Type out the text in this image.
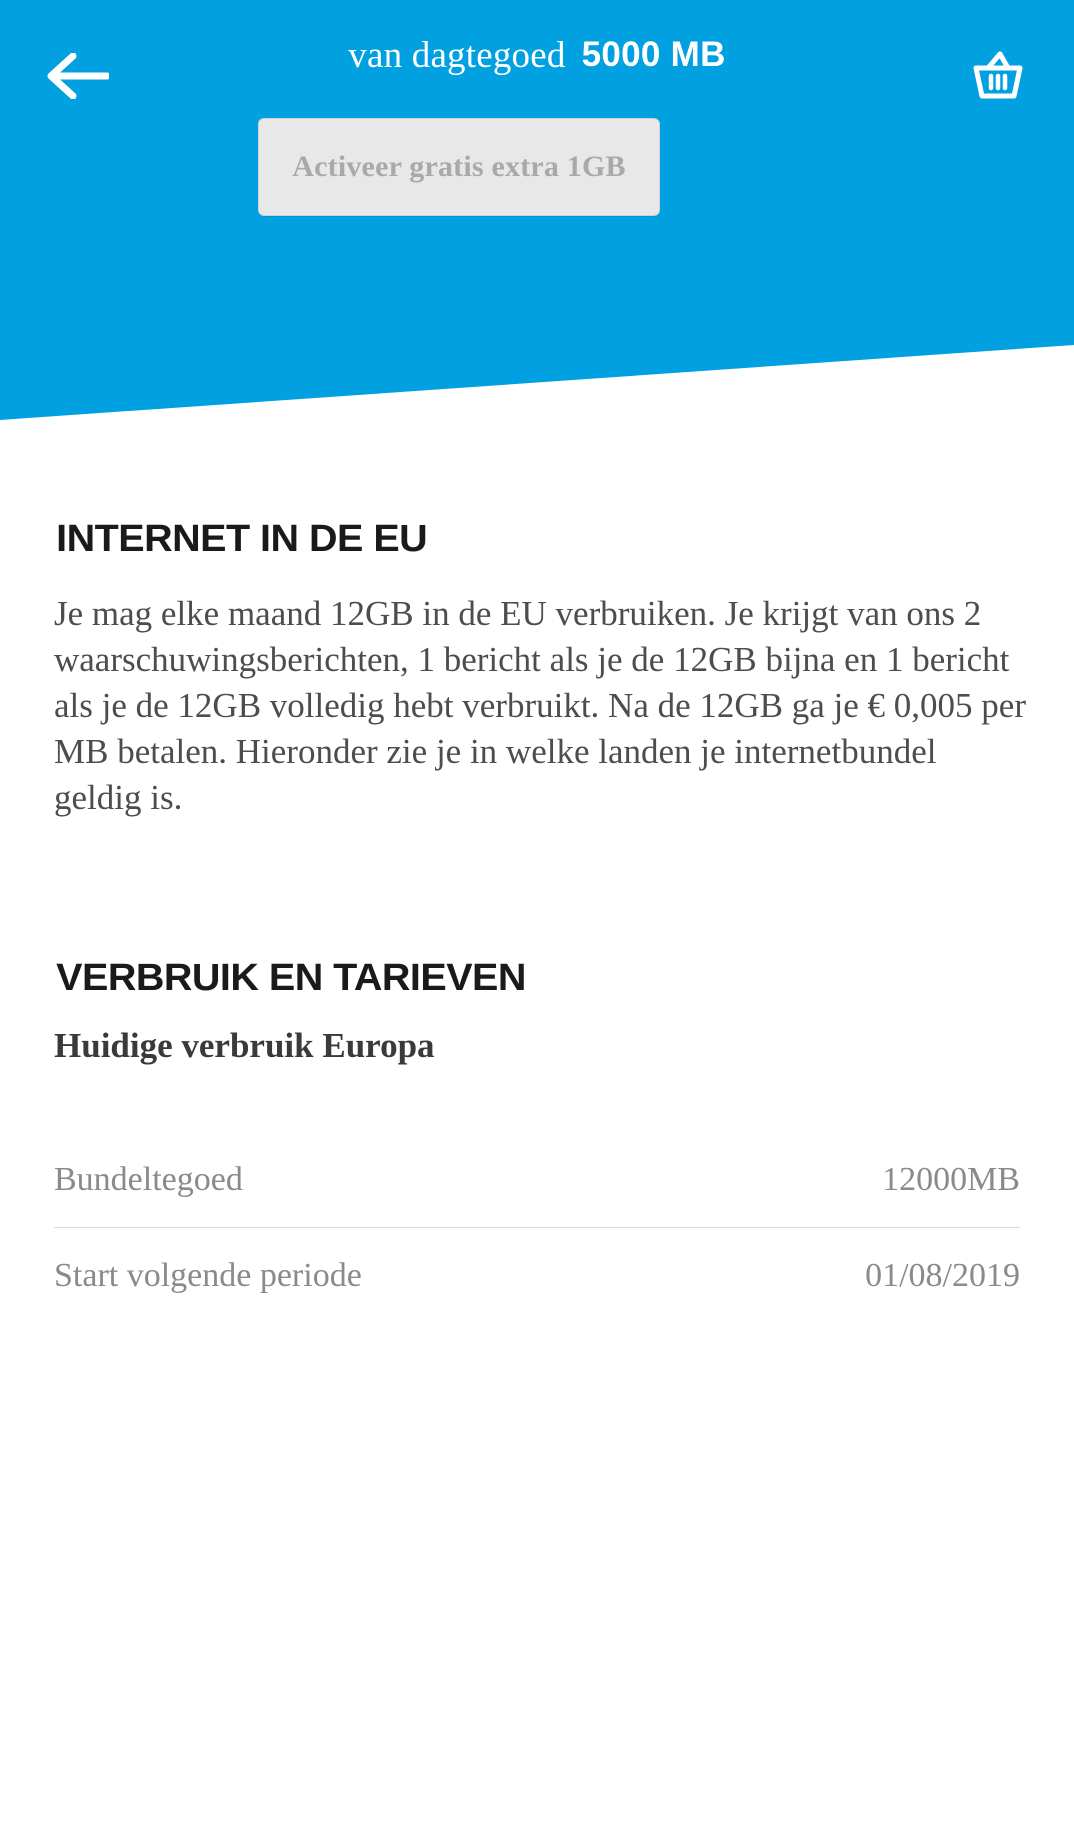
van dagtegoed 5000 MB
Activeer gratis extra 1GB
INTERNET IN DE EU

Je mag elke maand 12GB in de EU verbruiken. Je krijgt van ons 2 waarschuwingsberichten, 1 bericht als je de 12GB bijna en 1 bericht als je de 12GB volledig hebt verbruikt. Na de 12GB ga je € 0,005 per MB betalen. Hieronder zie je in welke landen je internetbundel geldig is.

VERBRUIK EN TARIEVEN
Huidige verbruik Europa
Bundeltegoed	12000MB
Start volgende periode	01/08/2019
